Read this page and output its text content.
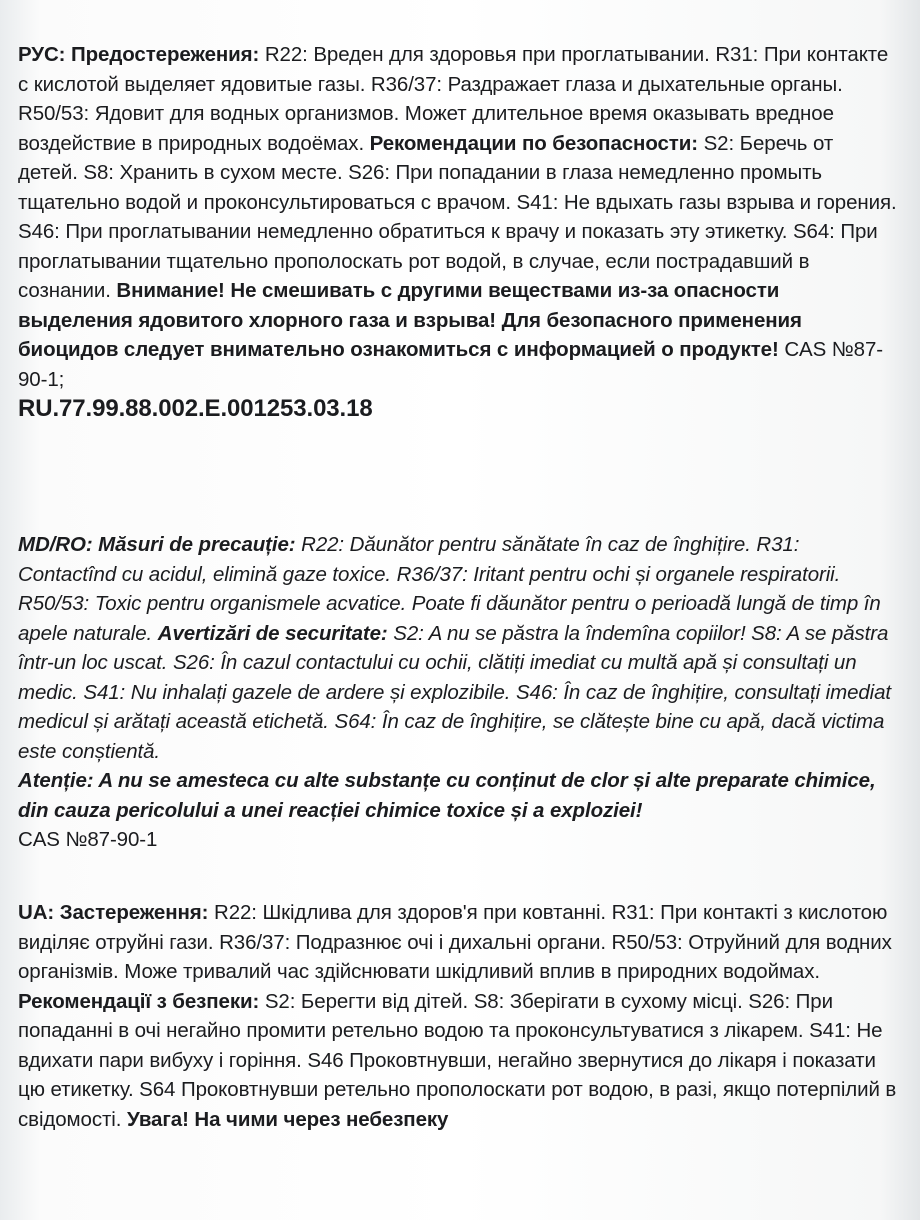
РУС: Предостережения: R22: Вреден для здоровья при проглатывании. R31: При контакте с кислотой выделяет ядовитые газы. R36/37: Раздражает глаза и дыхательные органы. R50/53: Ядовит для водных организмов. Может длительное время оказывать вредное воздействие в природных водоёмах. Рекомендации по безопасности: S2: Беречь от детей. S8: Хранить в сухом месте. S26: При попадании в глаза немедленно промыть тщательно водой и проконсультироваться с врачом. S41: Не вдыхать газы взрыва и горения. S46: При проглатывании немедленно обратиться к врачу и показать эту этикетку. S64: При проглатывании тщательно прополоскать рот водой, в случае, если пострадавший в сознании. Внимание! Не смешивать с другими веществами из-за опасности выделения ядовитого хлорного газа и взрыва! Для безопасного применения биоцидов следует внимательно ознакомиться с информацией о продукте! CAS №87-90-1;

RU.77.99.88.002.E.001253.03.18

MD/RO: Măsuri de precauție: R22: Dăunător pentru sănătate în caz de înghițire. R31: Contactînd cu acidul, elimină gaze toxice. R36/37: Iritant pentru ochi și organele respiratorii. R50/53: Toxic pentru organismele acvatice. Poate fi dăunător pentru o perioadă lungă de timp în apele naturale. Avertizări de securitate: S2: A nu se păstra la îndemîna copiilor! S8: A se păstra într-un loc uscat. S26: În cazul contactului cu ochii, clătiți imediat cu multă apă și consultați un medic. S41: Nu inhalați gazele de ardere și explozibile. S46: În caz de înghițire, consultați imediat medicul și arătați această etichetă. S64: În caz de înghițire, se clătește bine cu apă, dacă victima este conștientă.

Atenție: A nu se amesteca cu alte substanțe cu conținut de clor și alte preparate chimice, din cauza pericolului a unei reacției chimice toxice și a exploziei!

CAS №87-90-1

UA: Застереження: R22: Шкідлива для здоров'я при ковтанні. R31: При контакті з кислотою виділяє отруйні гази. R36/37: Подразнює очі і дихальні органи. R50/53: Отруйний для водних організмів. Може тривалий час здійснювати шкідливий вплив в природних водоймах. Рекомендації з безпеки: S2: Берегти від дітей. S8: Зберігати в сухому місці. S26: При попаданні в очі негайно промити ретельно водою та проконсультуватися з лікарем. S41: Не вдихати пари вибуху і горіння. S46 Проковтнувши, негайно звернутися до лікаря і показати цю етикетку. S64 Проковтнувши ретельно прополоскати рот водою, в разі, якщо потерпілий в свідомості. Увага! На чими через небезпеку
